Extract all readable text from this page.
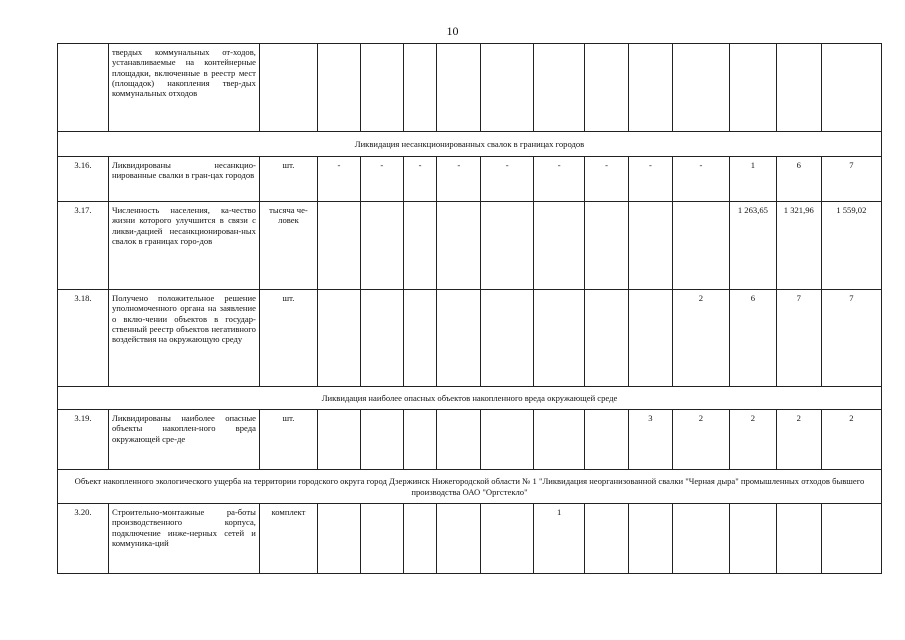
10
	твердых коммунальных от-ходов, устанавливаемые на контейнерные площадки, включенные в реестр мест (площадок) накопления твер-дых коммунальных отходов													
Ликвидация несанкционированных свалок в границах городов														
3.16.	Ликвидированы несанкцио-нированные свалки в гран-цах городов	шт.	-	-	-	-	-	-	-	-	-	1	6	7
3.17.	Численность населения, ка-чество жизни которого улучшится в связи с ликви-дацией несанкционирован-ных свалок в границах горо-дов	тысяча че-ловек										1 263,65	1 321,96	1 559,02
3.18.	Получено положительное решение уполномоченного органа на заявление о вклю-чении объектов в государ-ственный реестр объектов негативного воздействия на окружающую среду	шт.									2	6	7	7
Ликвидация наиболее опасных объектов накопленного вреда окружающей среде														
3.19.	Ликвидированы наиболее опасные объекты накоплен-ного вреда окружающей сре-де	шт.								3	2	2	2	2
Объект накопленного экологического ущерба на территории городского округа город Дзержинск Нижегородской области № 1 "Ликвидация неорганизованной свалки "Черная дыра" промышленных отходов бывшего производства ОАО "Оргстекло"														
3.20.	Строительно-монтажные ра-боты производственного корпуса, подключение инже-нерных сетей и коммуника-ций	комплект						1						
